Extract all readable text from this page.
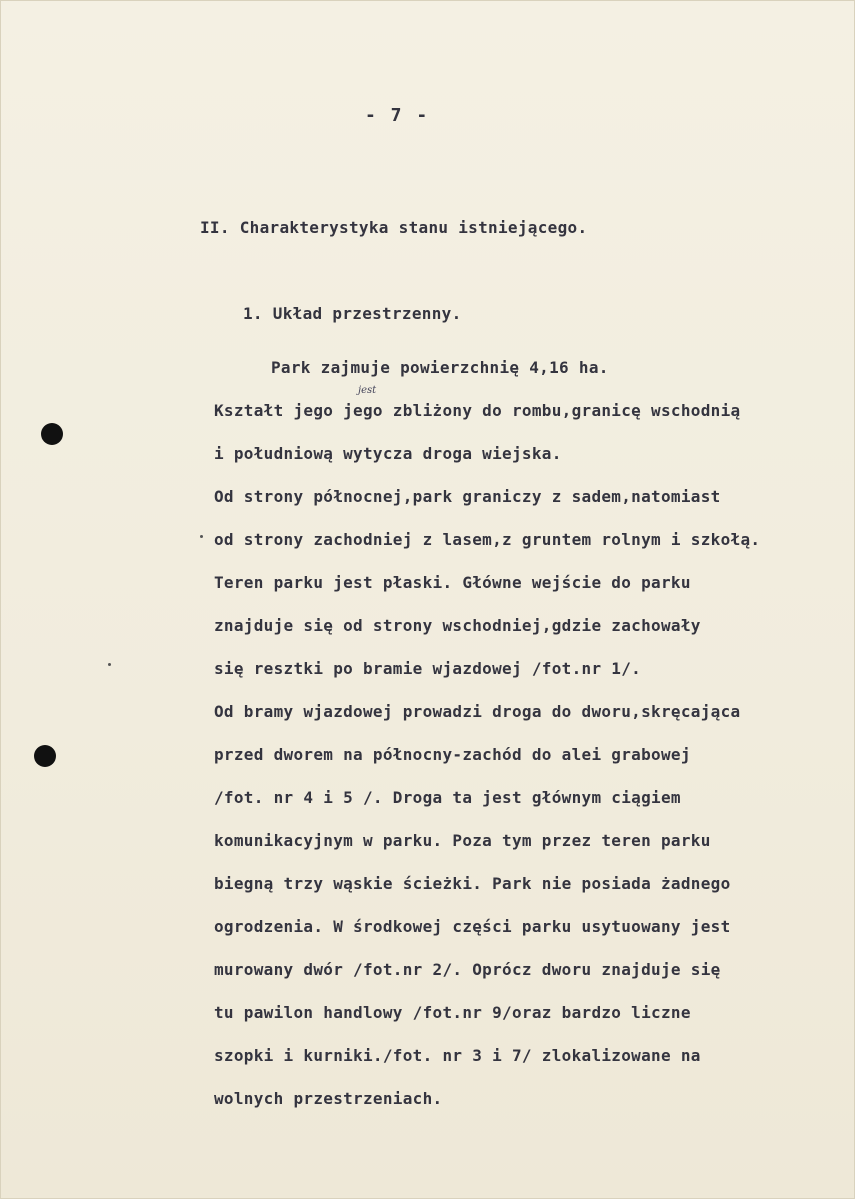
- 7 -
II. Charakterystyka stanu istniejącego.
1. Układ przestrzenny.
jest
Park zajmuje powierzchnię 4,16 ha.
Kształt jego jego zbliżony do rombu,granicę wschodnią
i południową wytycza droga wiejska.
Od strony północnej,park graniczy z sadem,natomiast
od strony zachodniej z lasem,z gruntem rolnym i szkołą.
Teren parku jest płaski. Główne wejście do parku
znajduje się od strony wschodniej,gdzie zachowały
się resztki po bramie wjazdowej /fot.nr 1/.
Od bramy wjazdowej prowadzi droga do dworu,skręcająca
przed dworem na północny-zachód do alei grabowej
/fot. nr 4 i 5 /. Droga ta jest głównym ciągiem
komunikacyjnym w parku. Poza tym przez teren parku
biegną trzy wąskie ścieżki. Park nie posiada żadnego
ogrodzenia. W środkowej części parku usytuowany jest
murowany dwór /fot.nr 2/. Oprócz dworu znajduje się
tu pawilon handlowy /fot.nr 9/oraz bardzo liczne
szopki i kurniki./fot. nr 3 i 7/ zlokalizowane na
wolnych przestrzeniach.
